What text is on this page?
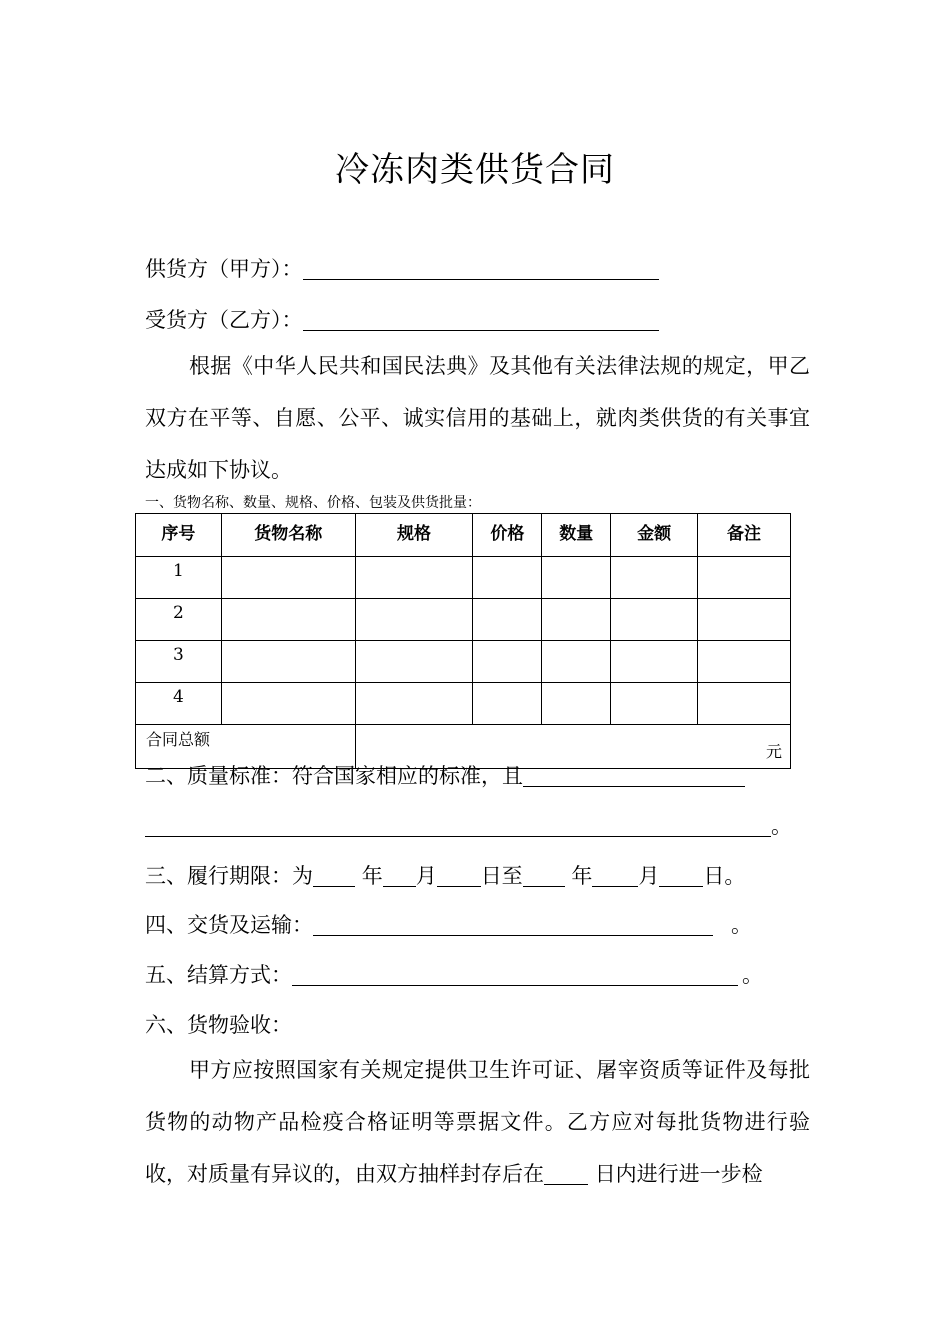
冷冻肉类供货合同
供货方（甲方）：
受货方（乙方）：
根据《中华人民共和国民法典》及其他有关法律法规的规定，甲乙双方在平等、自愿、公平、诚实信用的基础上，就肉类供货的有关事宜达成如下协议。
一、货物名称、数量、规格、价格、包装及供货批量：
序号	货物名称	规格	价格	数量	金额	备注
1						
2						
3						
4						
合同总额		元				
二、质量标准：符合国家相应的标准，且
。
三、履行期限：为 年 月 日至 年 月 日。
四、交货及运输：	。
五、结算方式：	。
六、货物验收：
甲方应按照国家有关规定提供卫生许可证、屠宰资质等证件及每批货物的动物产品检疫合格证明等票据文件。乙方应对每批货物进行验收，对质量有异议的，由双方抽样封存后在 日内进行进一步检
